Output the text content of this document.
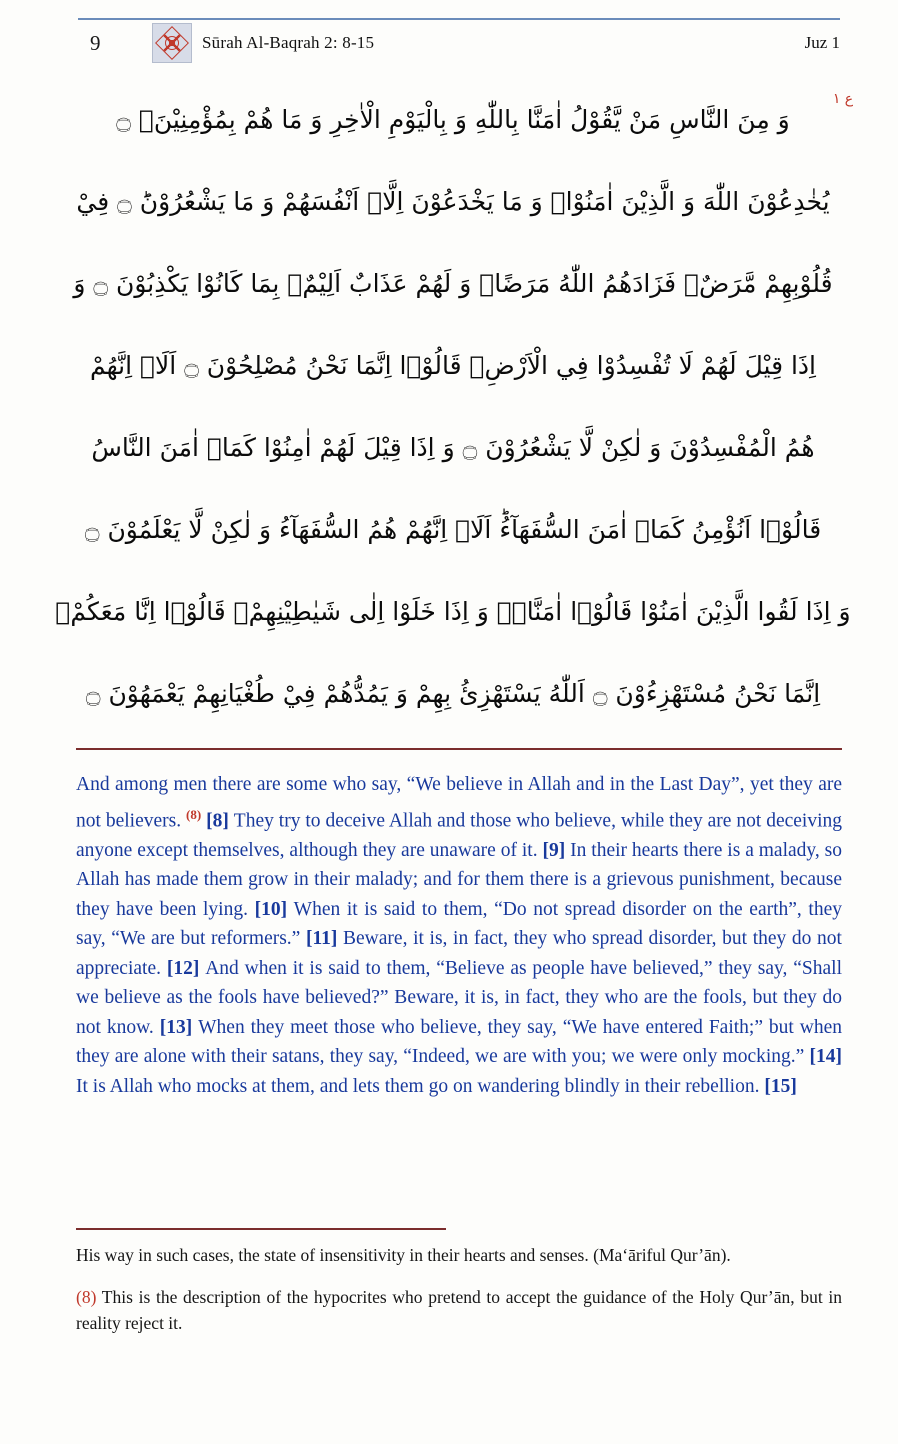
9	Sūrah Al-Baqrah 2: 8-15	Juz 1
ع ١
وَ مِنَ النَّاسِ مَنْ يَّقُوْلُ اٰمَنَّا بِاللّٰهِ وَ بِالْيَوْمِ الْاٰخِرِ وَ مَا هُمْ بِمُؤْمِنِيْنَۘ ۝
يُخٰدِعُوْنَ اللّٰهَ وَ الَّذِيْنَ اٰمَنُوْاۚ وَ مَا يَخْدَعُوْنَ اِلَّاۤ اَنْفُسَهُمْ وَ مَا يَشْعُرُوْنَؕ ۝ فِيْ
قُلُوْبِهِمْ مَّرَضٌۙ فَزَادَهُمُ اللّٰهُ مَرَضًاۚ وَ لَهُمْ عَذَابٌ اَلِيْمٌۙ بِمَا كَانُوْا يَكْذِبُوْنَ ۝ وَ
اِذَا قِيْلَ لَهُمْ لَا تُفْسِدُوْا فِي الْاَرْضِۙ قَالُوْۤا اِنَّمَا نَحْنُ مُصْلِحُوْنَ ۝ اَلَاۤ اِنَّهُمْ
هُمُ الْمُفْسِدُوْنَ وَ لٰكِنْ لَّا يَشْعُرُوْنَ ۝ وَ اِذَا قِيْلَ لَهُمْ اٰمِنُوْا كَمَاۤ اٰمَنَ النَّاسُ
قَالُوْۤا اَنُؤْمِنُ كَمَاۤ اٰمَنَ السُّفَهَآءُؕ اَلَاۤ اِنَّهُمْ هُمُ السُّفَهَآءُ وَ لٰكِنْ لَّا يَعْلَمُوْنَ ۝
وَ اِذَا لَقُوا الَّذِيْنَ اٰمَنُوْا قَالُوْۤا اٰمَنَّاۚۖ وَ اِذَا خَلَوْا اِلٰى شَيٰطِيْنِهِمْۙ قَالُوْۤا اِنَّا مَعَكُمْۙ
اِنَّمَا نَحْنُ مُسْتَهْزِءُوْنَ ۝ اَللّٰهُ يَسْتَهْزِئُ بِهِمْ وَ يَمُدُّهُمْ فِيْ طُغْيَانِهِمْ يَعْمَهُوْنَ ۝
And among men there are some who say, “We believe in Allah and in the Last Day”, yet they are not believers. $^{(8)}$ [8] They try to deceive Allah and those who believe, while they are not deceiving anyone except themselves, although they are unaware of it. [9] In their hearts there is a malady, so Allah has made them grow in their malady; and for them there is a grievous punishment, because they have been lying. [10] When it is said to them, “Do not spread disorder on the earth”, they say, “We are but reformers.” [11] Beware, it is, in fact, they who spread disorder, but they do not appreciate. [12] And when it is said to them, “Believe as people have believed,” they say, “Shall we believe as the fools have believed?” Beware, it is, in fact, they who are the fools, but they do not know. [13] When they meet those who believe, they say, “We have entered Faith;” but when they are alone with their satans, they say, “Indeed, we are with you; we were only mocking.” [14] It is Allah who mocks at them, and lets them go on wandering blindly in their rebellion. [15]
His way in such cases, the state of insensitivity in their hearts and senses. (Ma‘āriful Qur’ān).
(8) This is the description of the hypocrites who pretend to accept the guidance of the Holy Qur’ān, but in reality reject it.
